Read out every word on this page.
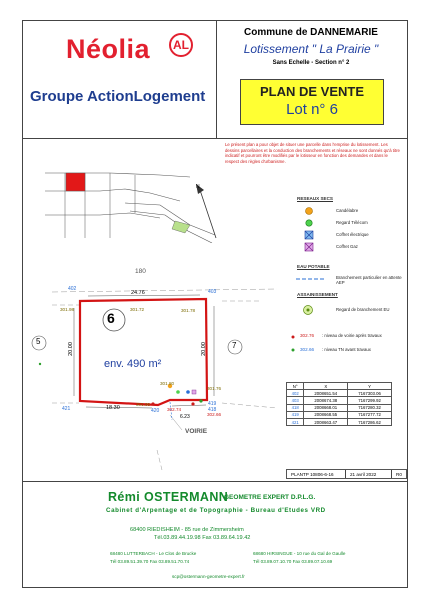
Néolia	AL
Groupe ActionLogement
Commune de DANNEMARIE
Lotissement " La Prairie "
Sans Echelle - Section n° 2
PLAN DE VENTE
Lot n° 6
Le présent plan a pour objet de situer une parcelle dans l'emprise du lotissement. Les dessins parcellaires et la conduction des branchements et réseaux ne sont donnés qu'à titre indicatif et pourront être modifiés par le lotisseur en fonction des demandes et dans le respect des règles d'urbanisme.
N
RESEAUX SECS
Candélabre
Regard Télécom
Coffret électrique
Coffret Gaz
EAU POTABLE
Branchement particulier en attente AEP
ASSAINISSEMENT
Regard de branchement EU
302.76 : niveau de voirie après travaux
302.66 : niveau TN avant travaux
180
402	403
421	420
419
418
6
5	7
env. 490 m²
24.76
20.00	20.00
18.30
6.23
VOIRIE
301.98	301.72	301.78
301.80
301.76
301.95
302.74
302.66
N°	X	Y
402	2008651.54	7167303.06
403	2008674.38	7167299.92
418	2008668.01	7167280.32
419	2008668.55	7167277.72
421	2008663.47	7167286.62
PLANTP 10806-6-16	21 avril 2022	R0
Rémi OSTERMANN
GEOMETRE EXPERT D.P.L.G.
Cabinet d'Arpentage et de Topographie - Bureau d'Etudes VRD
68400 RIEDISHEIM - 85 rue de Zimmersheim
Tél.03.89.44.19.98 Fax 03.89.64.19.42
68480 LUTTERBACH - Le Clos de Brucke
Tél 03.89.51.39.70 Fax 03.89.51.70.74
68680 HIRSINGUE - 10 rue du Gal de Gaulle
Tél 03.89.07.10.70 Fax 03.89.07.10.69
scp@ostermann-geometre-expert.fr
